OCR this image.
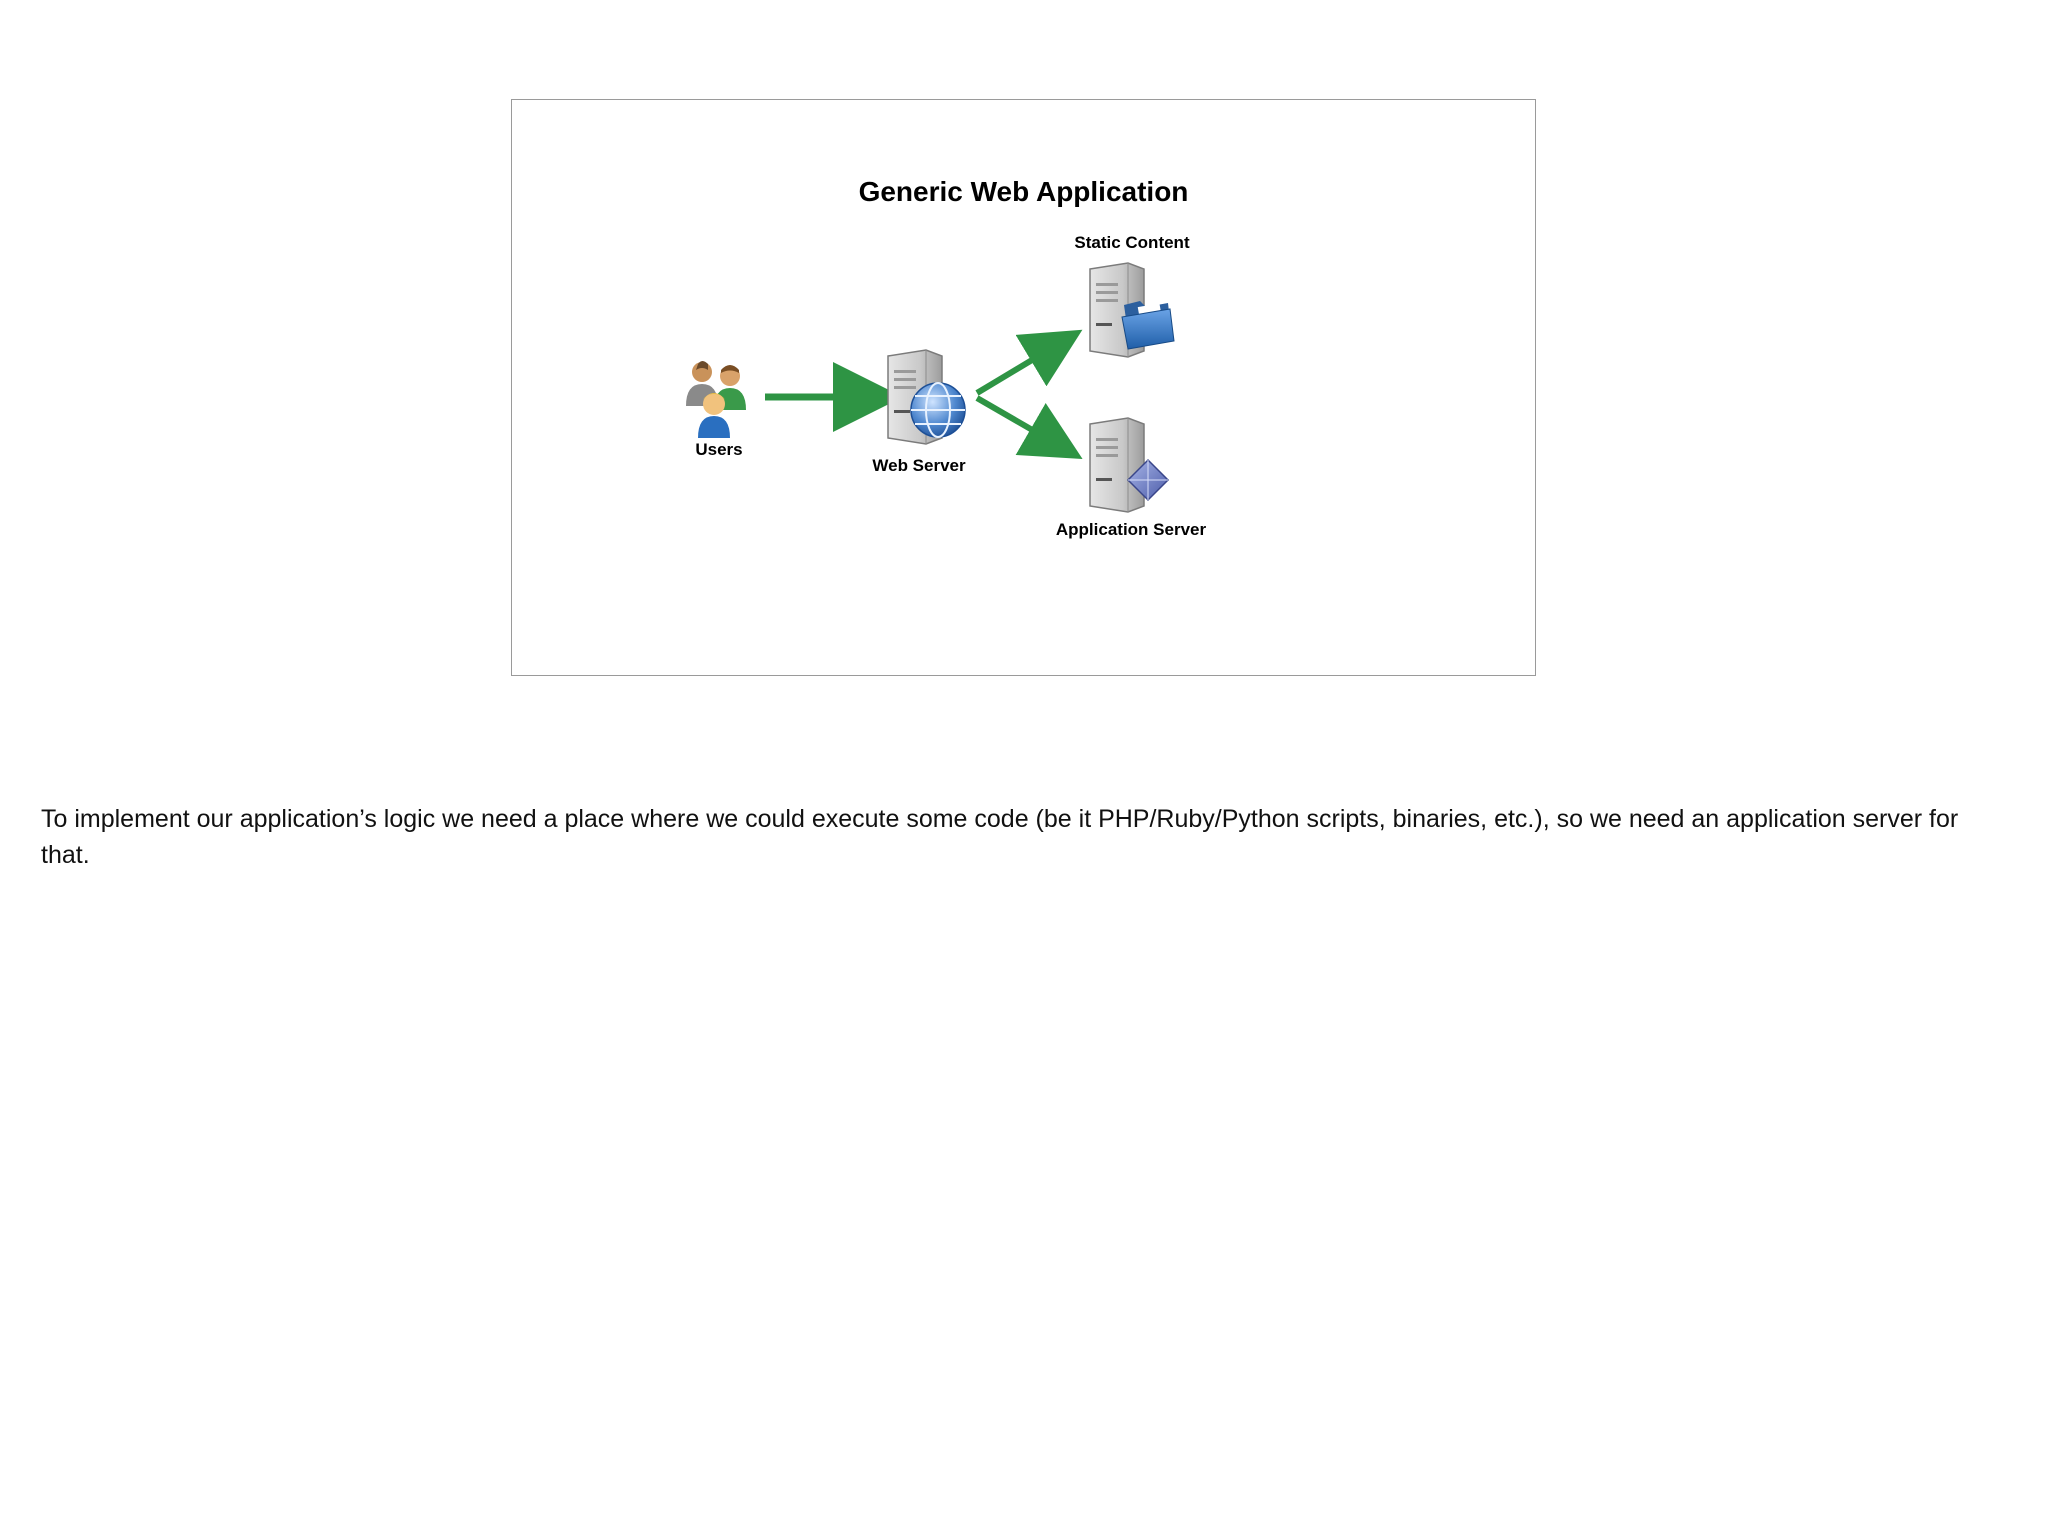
Generic Web Application
Users
Web Server
Static Content
Application Server
To implement our application’s logic we need a place where we could execute some code (be it PHP/Ruby/Python scripts, binaries, etc.), so we need an application server for that.
